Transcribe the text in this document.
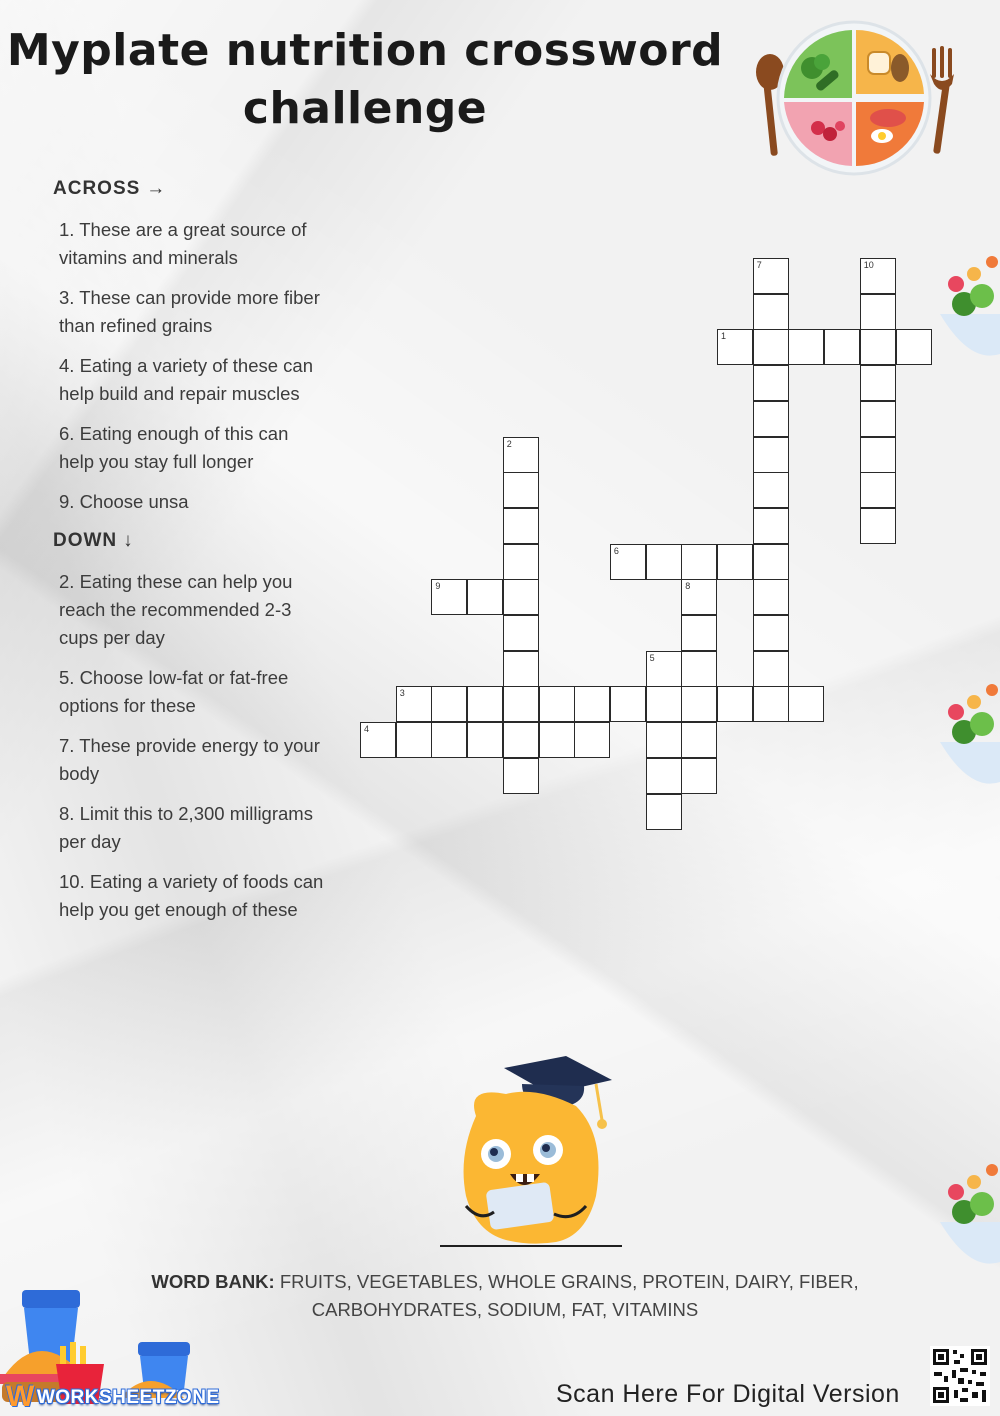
Myplate nutrition crossword challenge
ACROSS →
1. These are a great source of vitamins and minerals
3. These can provide more fiber than refined grains
4. Eating a variety of these can help build and repair muscles
6. Eating enough of this can help you stay full longer
9. Choose unsa
DOWN ↓
2. Eating these can help you reach the recommended 2-3 cups per day
5. Choose low-fat or fat-free options for these
7. These provide energy to your body
8. Limit this to 2,300 milligrams per day
10. Eating a variety of foods can help you get enough of these
1
2
3
4
5
6
7
8
9
10
WORD BANK: FRUITS, VEGETABLES, WHOLE GRAINS, PROTEIN, DAIRY, FIBER, CARBOHYDRATES, SODIUM, FAT, VITAMINS
WWORKSHEETZONE	Scan Here For Digital Version
